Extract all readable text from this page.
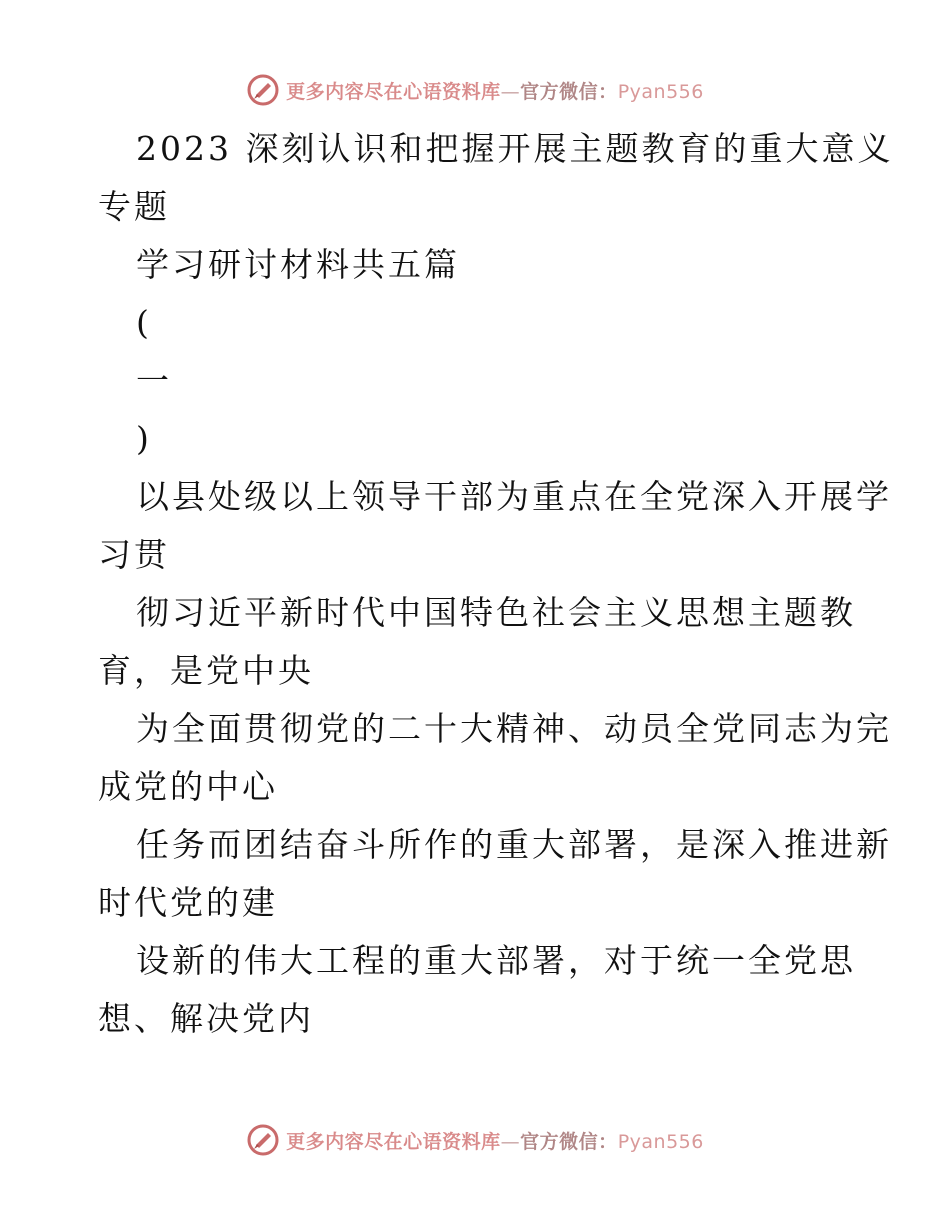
更多内容尽在心语资料库—官方微信：Pyan556
2023 深刻认识和把握开展主题教育的重大意义
专题
学习研讨材料共五篇
(
一
)
以县处级以上领导干部为重点在全党深入开展学
习贯
彻习近平新时代中国特色社会主义思想主题教
育，是党中央
为全面贯彻党的二十大精神、动员全党同志为完
成党的中心
任务而团结奋斗所作的重大部署，是深入推进新
时代党的建
设新的伟大工程的重大部署，对于统一全党思
想、解决党内
更多内容尽在心语资料库—官方微信：Pyan556
